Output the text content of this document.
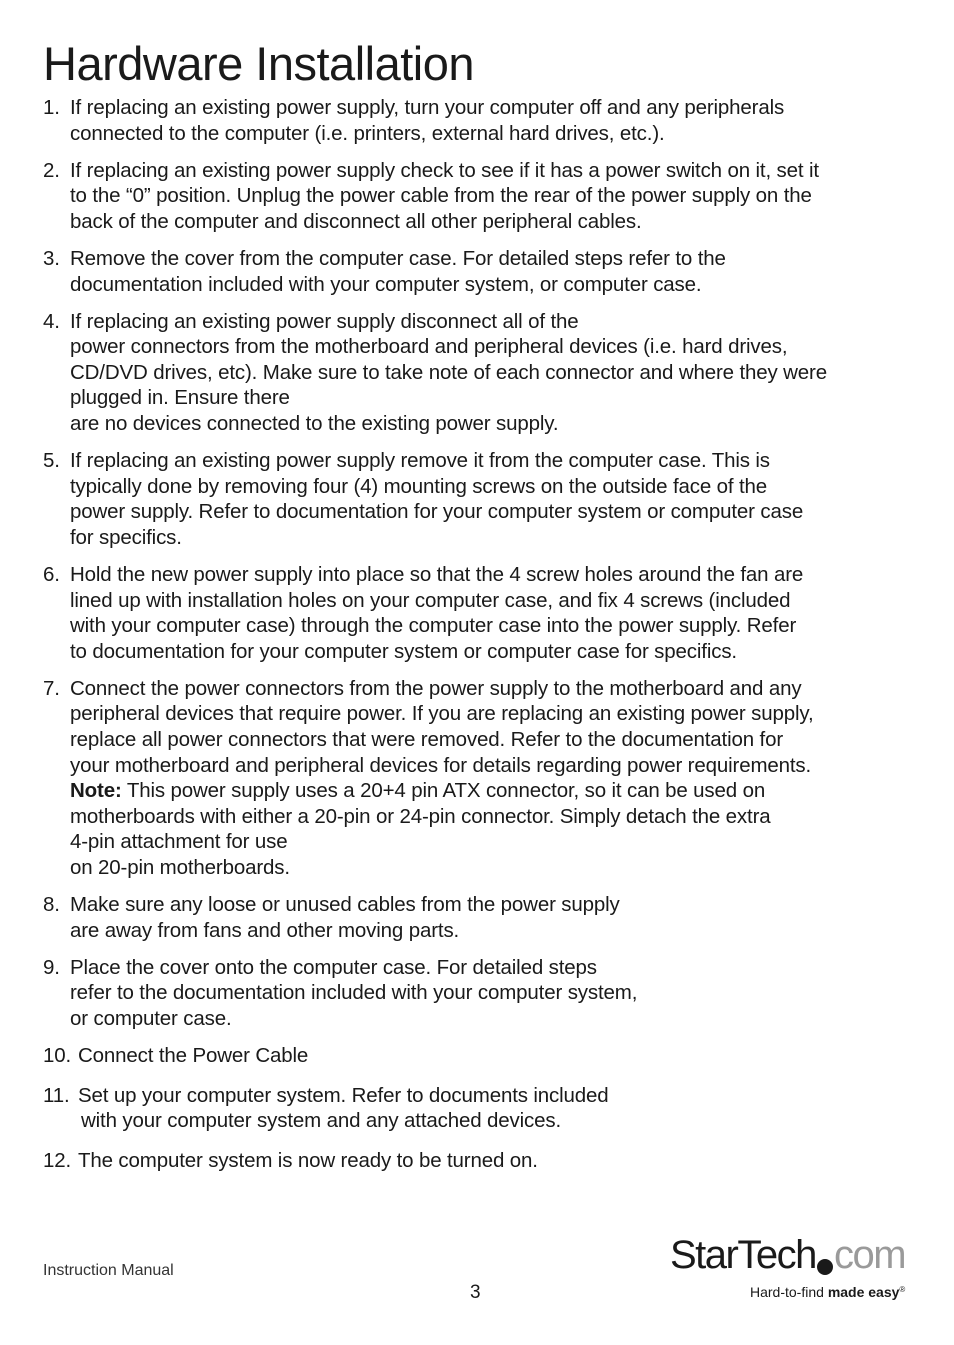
Hardware Installation
1. If replacing an existing power supply, turn your computer off and any peripherals
connected to the computer (i.e. printers, external hard drives, etc.).
2. If replacing an existing power supply check to see if it has a power switch on it, set it
to the “0” position. Unplug the power cable from the rear of the power supply on the
back of the computer and disconnect all other peripheral cables.
3. Remove the cover from the computer case. For detailed steps refer to the
documentation included with your computer system, or computer case.
4. If replacing an existing power supply disconnect all of the
power connectors from the motherboard and peripheral devices (i.e. hard drives,
CD/DVD drives, etc). Make sure to take note of each connector and where they were
plugged in. Ensure there
are no devices connected to the existing power supply.
5. If replacing an existing power supply remove it from the computer case. This is
typically done by removing four (4) mounting screws on the outside face of the
power supply. Refer to documentation for your computer system or computer case
for specifics.
6. Hold the new power supply into place so that the 4 screw holes around the fan are
lined up with installation holes on your computer case, and fix 4 screws (included
with your computer case) through the computer case into the power supply. Refer
to documentation for your computer system or computer case for specifics.
7. Connect the power connectors from the power supply to the motherboard and any
peripheral devices that require power. If you are replacing an existing power supply,
replace all power connectors that were removed. Refer to the documentation for
your motherboard and peripheral devices for details regarding power requirements.
Note: This power supply uses a 20+4 pin ATX connector, so it can be used on
motherboards with either a 20-pin or 24-pin connector. Simply detach the extra
4-pin attachment for use
on 20-pin motherboards.
8. Make sure any loose or unused cables from the power supply
are away from fans and other moving parts.
9. Place the cover onto the computer case. For detailed steps
refer to the documentation included with your computer system,
or computer case.
10. Connect the Power Cable
11. Set up your computer system. Refer to documents included
with your computer system and any attached devices.
12. The computer system is now ready to be turned on.
Instruction Manual
3
StarTech com
Hard-to-find made easy®
